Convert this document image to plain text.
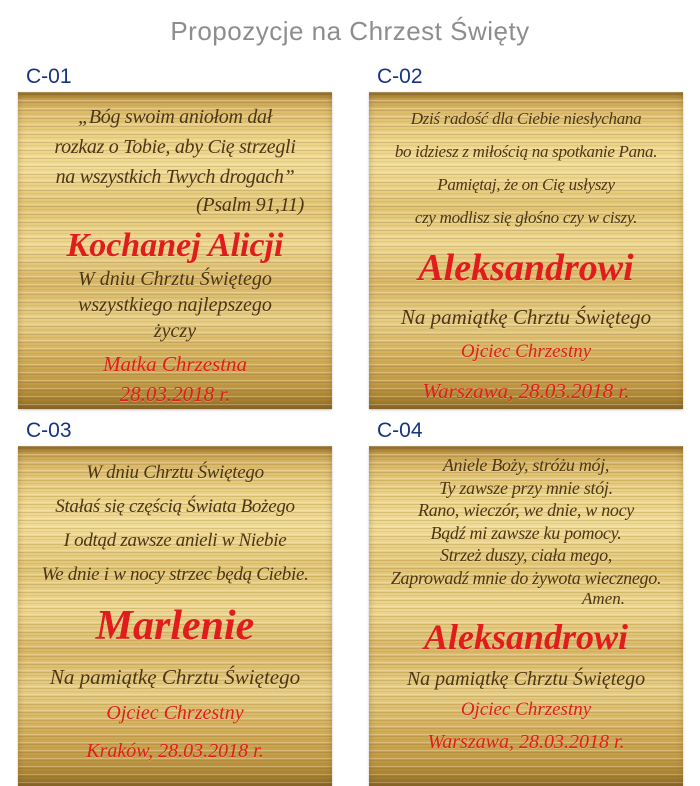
Propozycje na Chrzest Święty
C-01
„Bóg swoim aniołom dał
rozkaz o Tobie, aby Cię strzegli
na wszystkich Twych drogach”
(Psalm 91,11)
Kochanej Alicji
W dniu Chrztu Świętego
wszystkiego najlepszego
życzy
Matka Chrzestna
28.03.2018 r.
C-02
Dziś radość dla Ciebie niesłychana
bo idziesz z miłością na spotkanie Pana.
Pamiętaj, że on Cię usłyszy
czy modlisz się głośno czy w ciszy.
Aleksandrowi
Na pamiątkę Chrztu Świętego
Ojciec Chrzestny
Warszawa, 28.03.2018 r.
C-03
W dniu Chrztu Świętego
Stałaś się częścią Świata Bożego
I odtąd zawsze anieli w Niebie
We dnie i w nocy strzec będą Ciebie.
Marlenie
Na pamiątkę Chrztu Świętego
Ojciec Chrzestny
Kraków, 28.03.2018 r.
C-04
Aniele Boży, stróżu mój,
Ty zawsze przy mnie stój.
Rano, wieczór, we dnie, w nocy
Bądź mi zawsze ku pomocy.
Strzeż duszy, ciała mego,
Zaprowadź mnie do żywota wiecznego.
Amen.
Aleksandrowi
Na pamiątkę Chrztu Świętego
Ojciec Chrzestny
Warszawa, 28.03.2018 r.
